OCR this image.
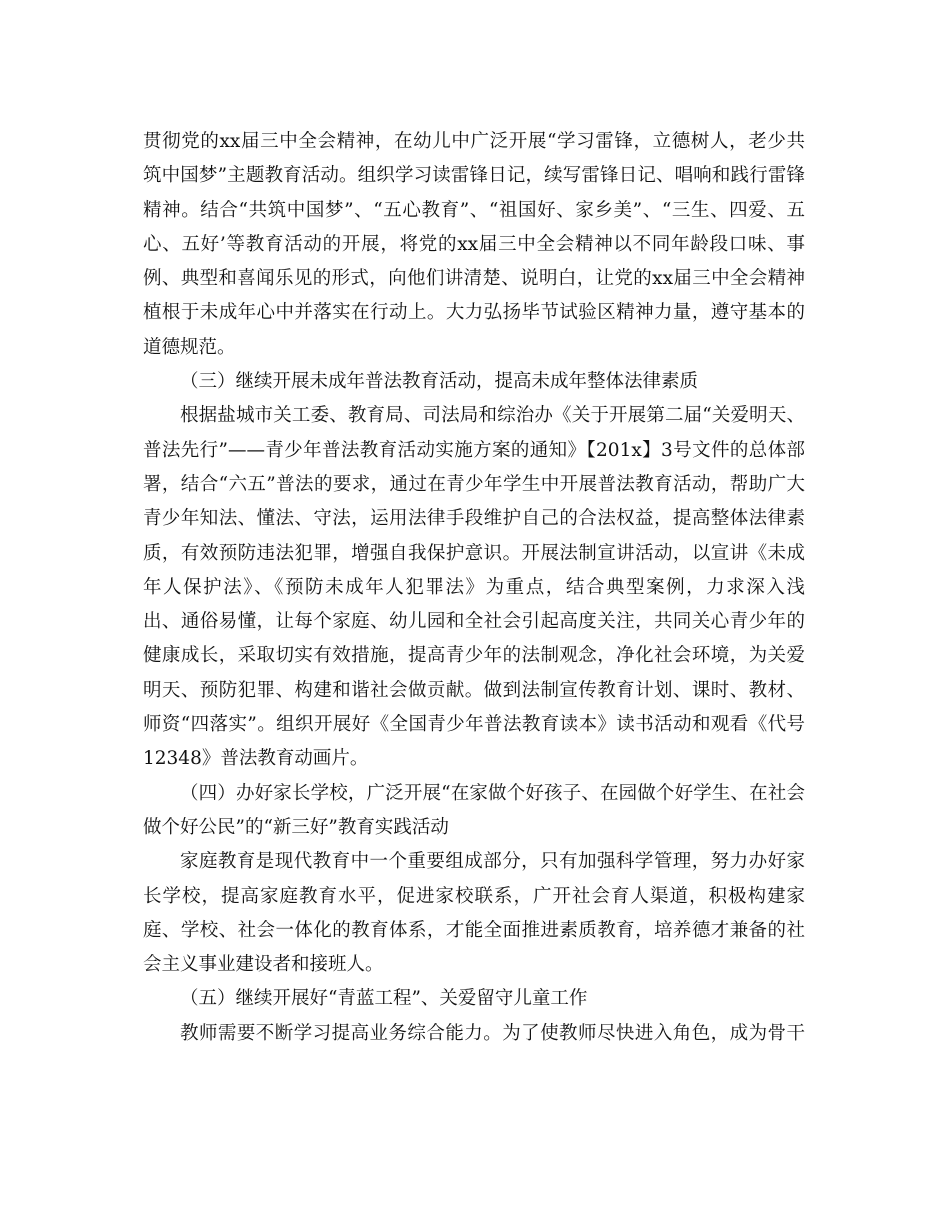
贯彻党的xx届三中全会精神，在幼儿中广泛开展“学习雷锋，立德树人，老少共
筑中国梦”主题教育活动。组织学习读雷锋日记，续写雷锋日记、唱响和践行雷锋
精神。结合“共筑中国梦”、“五心教育”、“祖国好、家乡美”、“三生、四爱、五
心、五好’等教育活动的开展，将党的xx届三中全会精神以不同年龄段口味、事
例、典型和喜闻乐见的形式，向他们讲清楚、说明白，让党的xx届三中全会精神
植根于未成年心中并落实在行动上。大力弘扬毕节试验区精神力量，遵守基本的
道德规范。
（三）继续开展未成年普法教育活动，提高未成年整体法律素质
根据盐城市关工委、教育局、司法局和综治办《关于开展第二届“关爱明天、
普法先行”——青少年普法教育活动实施方案的通知》【201x】3号文件的总体部
署，结合“六五”普法的要求，通过在青少年学生中开展普法教育活动，帮助广大
青少年知法、懂法、守法，运用法律手段维护自己的合法权益，提高整体法律素
质，有效预防违法犯罪，增强自我保护意识。开展法制宣讲活动，以宣讲《未成
年人保护法》、《预防未成年人犯罪法》为重点，结合典型案例，力求深入浅
出、通俗易懂，让每个家庭、幼儿园和全社会引起高度关注，共同关心青少年的
健康成长，采取切实有效措施，提高青少年的法制观念，净化社会环境，为关爱
明天、预防犯罪、构建和谐社会做贡献。做到法制宣传教育计划、课时、教材、
师资“四落实”。组织开展好《全国青少年普法教育读本》读书活动和观看《代号
12348》普法教育动画片。
（四）办好家长学校，广泛开展“在家做个好孩子、在园做个好学生、在社会
做个好公民”的“新三好”教育实践活动
家庭教育是现代教育中一个重要组成部分，只有加强科学管理，努力办好家
长学校，提高家庭教育水平，促进家校联系，广开社会育人渠道，积极构建家
庭、学校、社会一体化的教育体系，才能全面推进素质教育，培养德才兼备的社
会主义事业建设者和接班人。
（五）继续开展好“青蓝工程”、关爱留守儿童工作
教师需要不断学习提高业务综合能力。为了使教师尽快进入角色，成为骨干
